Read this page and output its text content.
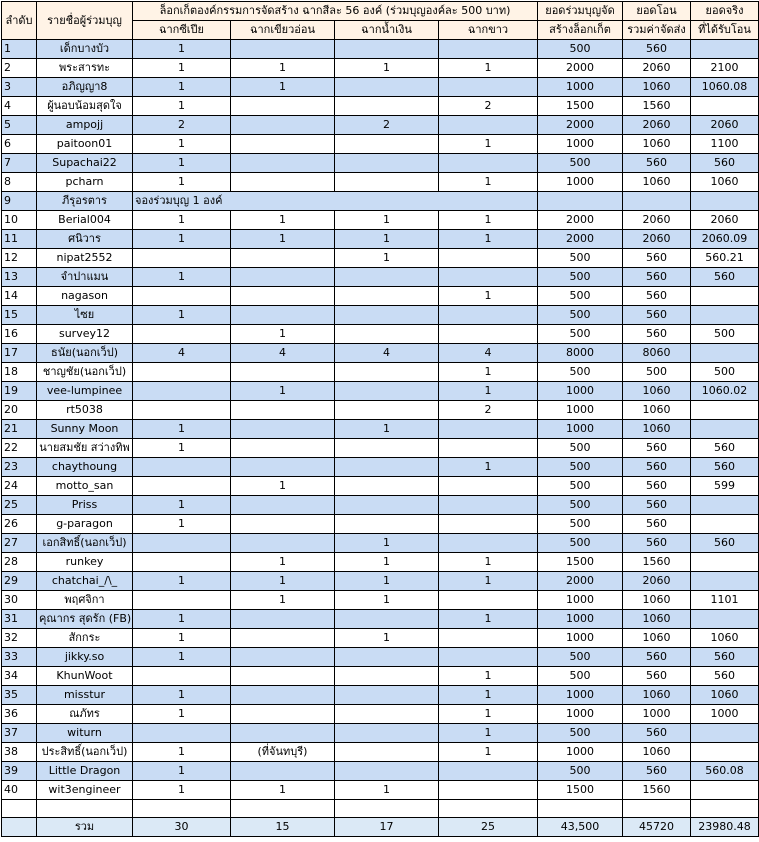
ลำดับ	รายชื่อผู้ร่วมบุญ	ล็อกเก็ตองค์กรรมการจัดสร้าง ฉากสีละ 56 องค์ (ร่วมบุญองค์ละ 500 บาท)				ยอดร่วมบุญจัด	ยอดโอน	ยอดจริง
		ฉากซีเปีย	ฉากเขียวอ่อน	ฉากน้ำเงิน	ฉากขาว	สร้างล็อกเก็ต	รวมค่าจัดส่ง	ที่ได้รับโอน
1	เด็กบางบัว	1				500	560	
2	พระสารทะ	1	1	1	1	2000	2060	2100
3	อภิญญา8	1	1			1000	1060	1060.08
4	ผู้นอบน้อมสุดใจ	1			2	1500	1560	
5	ampojj	2		2		2000	2060	2060
6	paitoon01	1			1	1000	1060	1100
7	Supachai22	1				500	560	560
8	pcharn	1			1	1000	1060	1060
9	ภีรุอรตาร	จองร่วมบุญ 1 องค์						
10	Berial004	1	1	1	1	2000	2060	2060
11	ศนิวาร	1	1	1	1	2000	2060	2060.09
12	nipat2552			1		500	560	560.21
13	จำปาแมน	1				500	560	560
14	nagason				1	500	560	
15	ไซย	1				500	560	
16	survey12		1			500	560	500
17	ธนัย(นอกเว็ป)	4	4	4	4	8000	8060	
18	ชาญชัย(นอกเว็ป)				1	500	500	500
19	vee-lumpinee		1		1	1000	1060	1060.02
20	rt5038				2	1000	1060	
21	Sunny Moon	1		1		1000	1060	
22	นายสมชัย สว่างทิพ	1				500	560	560
23	chaythoung				1	500	560	560
24	motto_san		1			500	560	599
25	Priss	1				500	560	
26	g-paragon	1				500	560	
27	เอกสิทธิ์(นอกเว็ป)			1		500	560	560
28	runkey		1	1	1	1500	1560	
29	chatchai_/\_	1	1	1	1	2000	2060	
30	พฤศจิกา		1	1		1000	1060	1101
31	คุณากร สุดรัก (FB)	1			1	1000	1060	
32	สักกระ	1		1		1000	1060	1060
33	jikky.so	1				500	560	560
34	KhunWoot				1	500	560	560
35	misstur	1			1	1000	1060	1060
36	ณภัทร	1			1	1000	1000	1000
37	witurn				1	500	560	
38	ประสิทธิ์(นอกเว็ป)	1	(ที่จันทบุรี)		1	1000	1060	
39	Little Dragon	1				500	560	560.08
40	wit3engineer	1	1	1		1500	1560	

	รวม	30	15	17	25	43,500	45720	23980.48
